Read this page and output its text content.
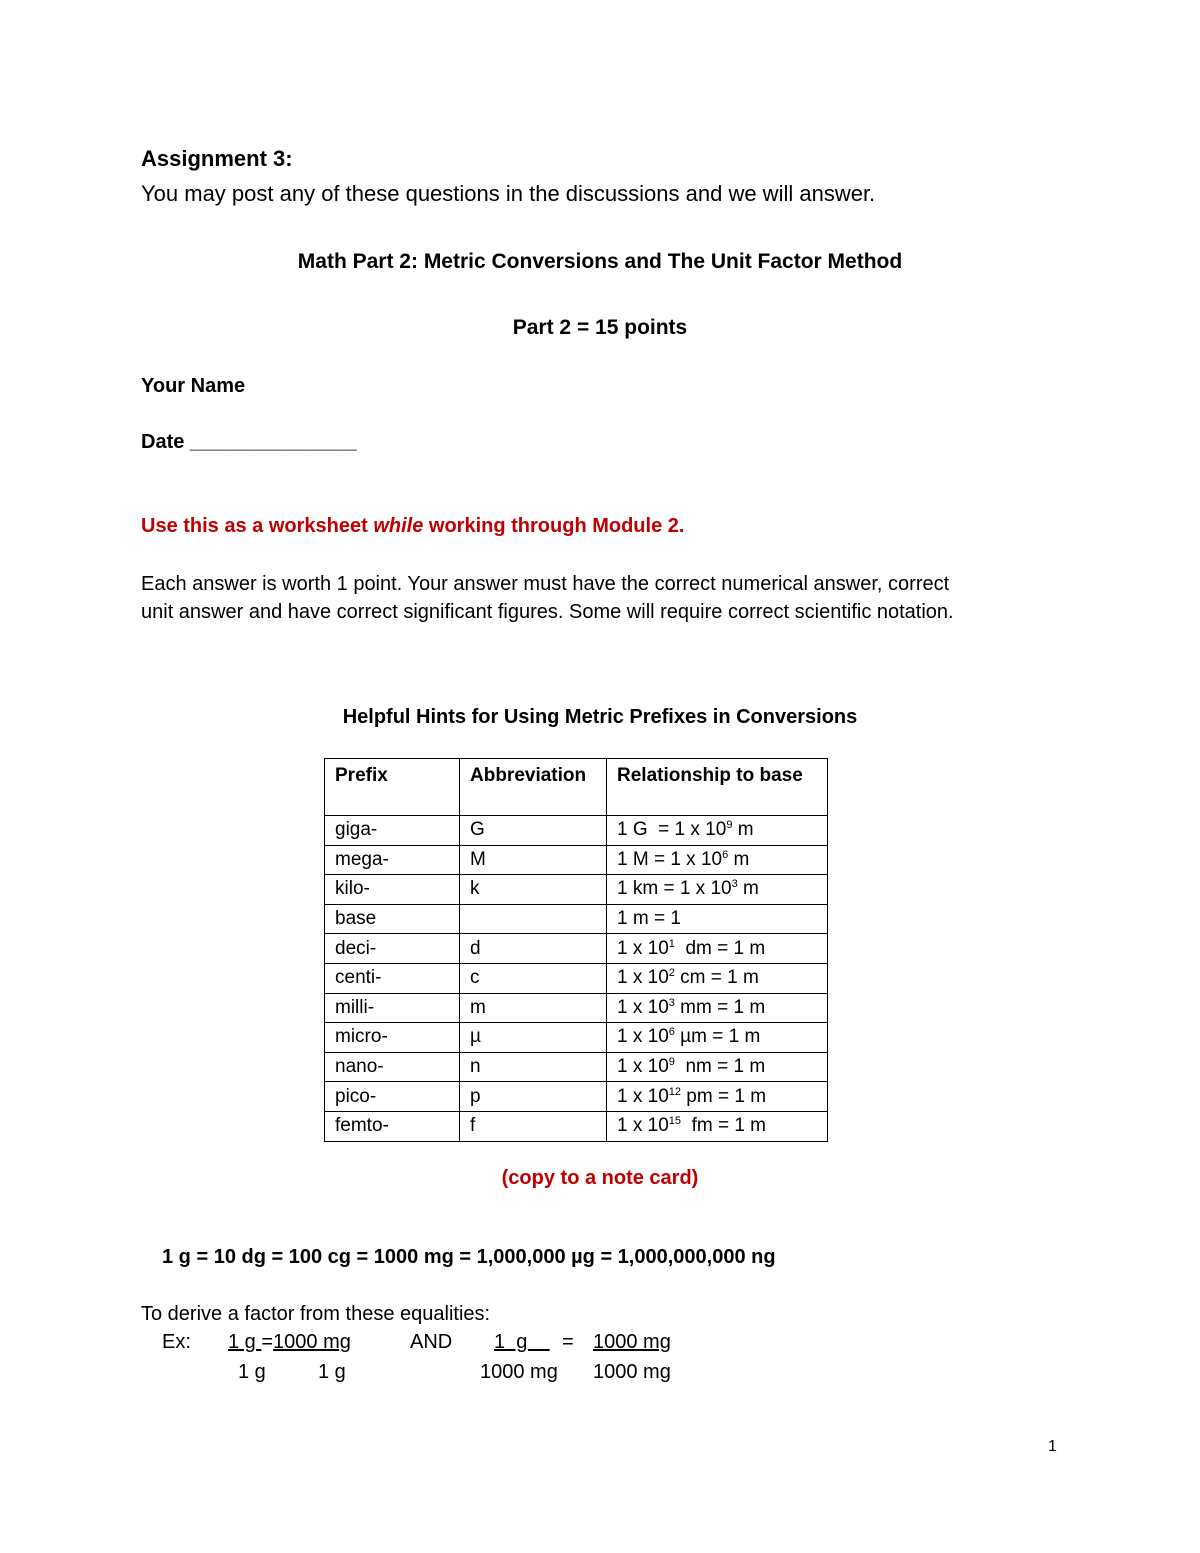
Assignment 3:
You may post any of these questions in the discussions and we will answer.
Math Part 2: Metric Conversions and The Unit Factor Method
Part 2 = 15 points
Your Name
Date _______________
Use this as a worksheet while working through Module 2.
Each answer is worth 1 point. Your answer must have the correct numerical answer, correct
unit answer and have correct significant figures. Some will require correct scientific notation.
Helpful Hints for Using Metric Prefixes in Conversions
Prefix	Abbreviation	Relationship to base
giga-	G	1 G  = 1 x $10^9$ m
mega-	M	1 M = 1 x $10^6$ m
kilo-	k	1 km = 1 x $10^3$ m
base		1 m = 1
deci-	d	1 x $10^1$  dm = 1 m
centi-	c	1 x $10^2$ cm = 1 m
milli-	m	1 x $10^3$ mm = 1 m
micro-	µ	1 x $10^6$ µm = 1 m
nano-	n	1 x $10^9$  nm = 1 m
pico-	p	1 x $10^{12}$ pm = 1 m
femto-	f	1 x $10^{15}$  fm = 1 m
(copy to a note card)
1 g = 10 dg = 100 cg = 1000 mg = 1,000,000 µg = 1,000,000,000 ng
To derive a factor from these equalities:
Ex: 1 g =1000 mg	AND 1  g = 1000 mg
1 g	1 g	1000 mg 1000 mg
1
